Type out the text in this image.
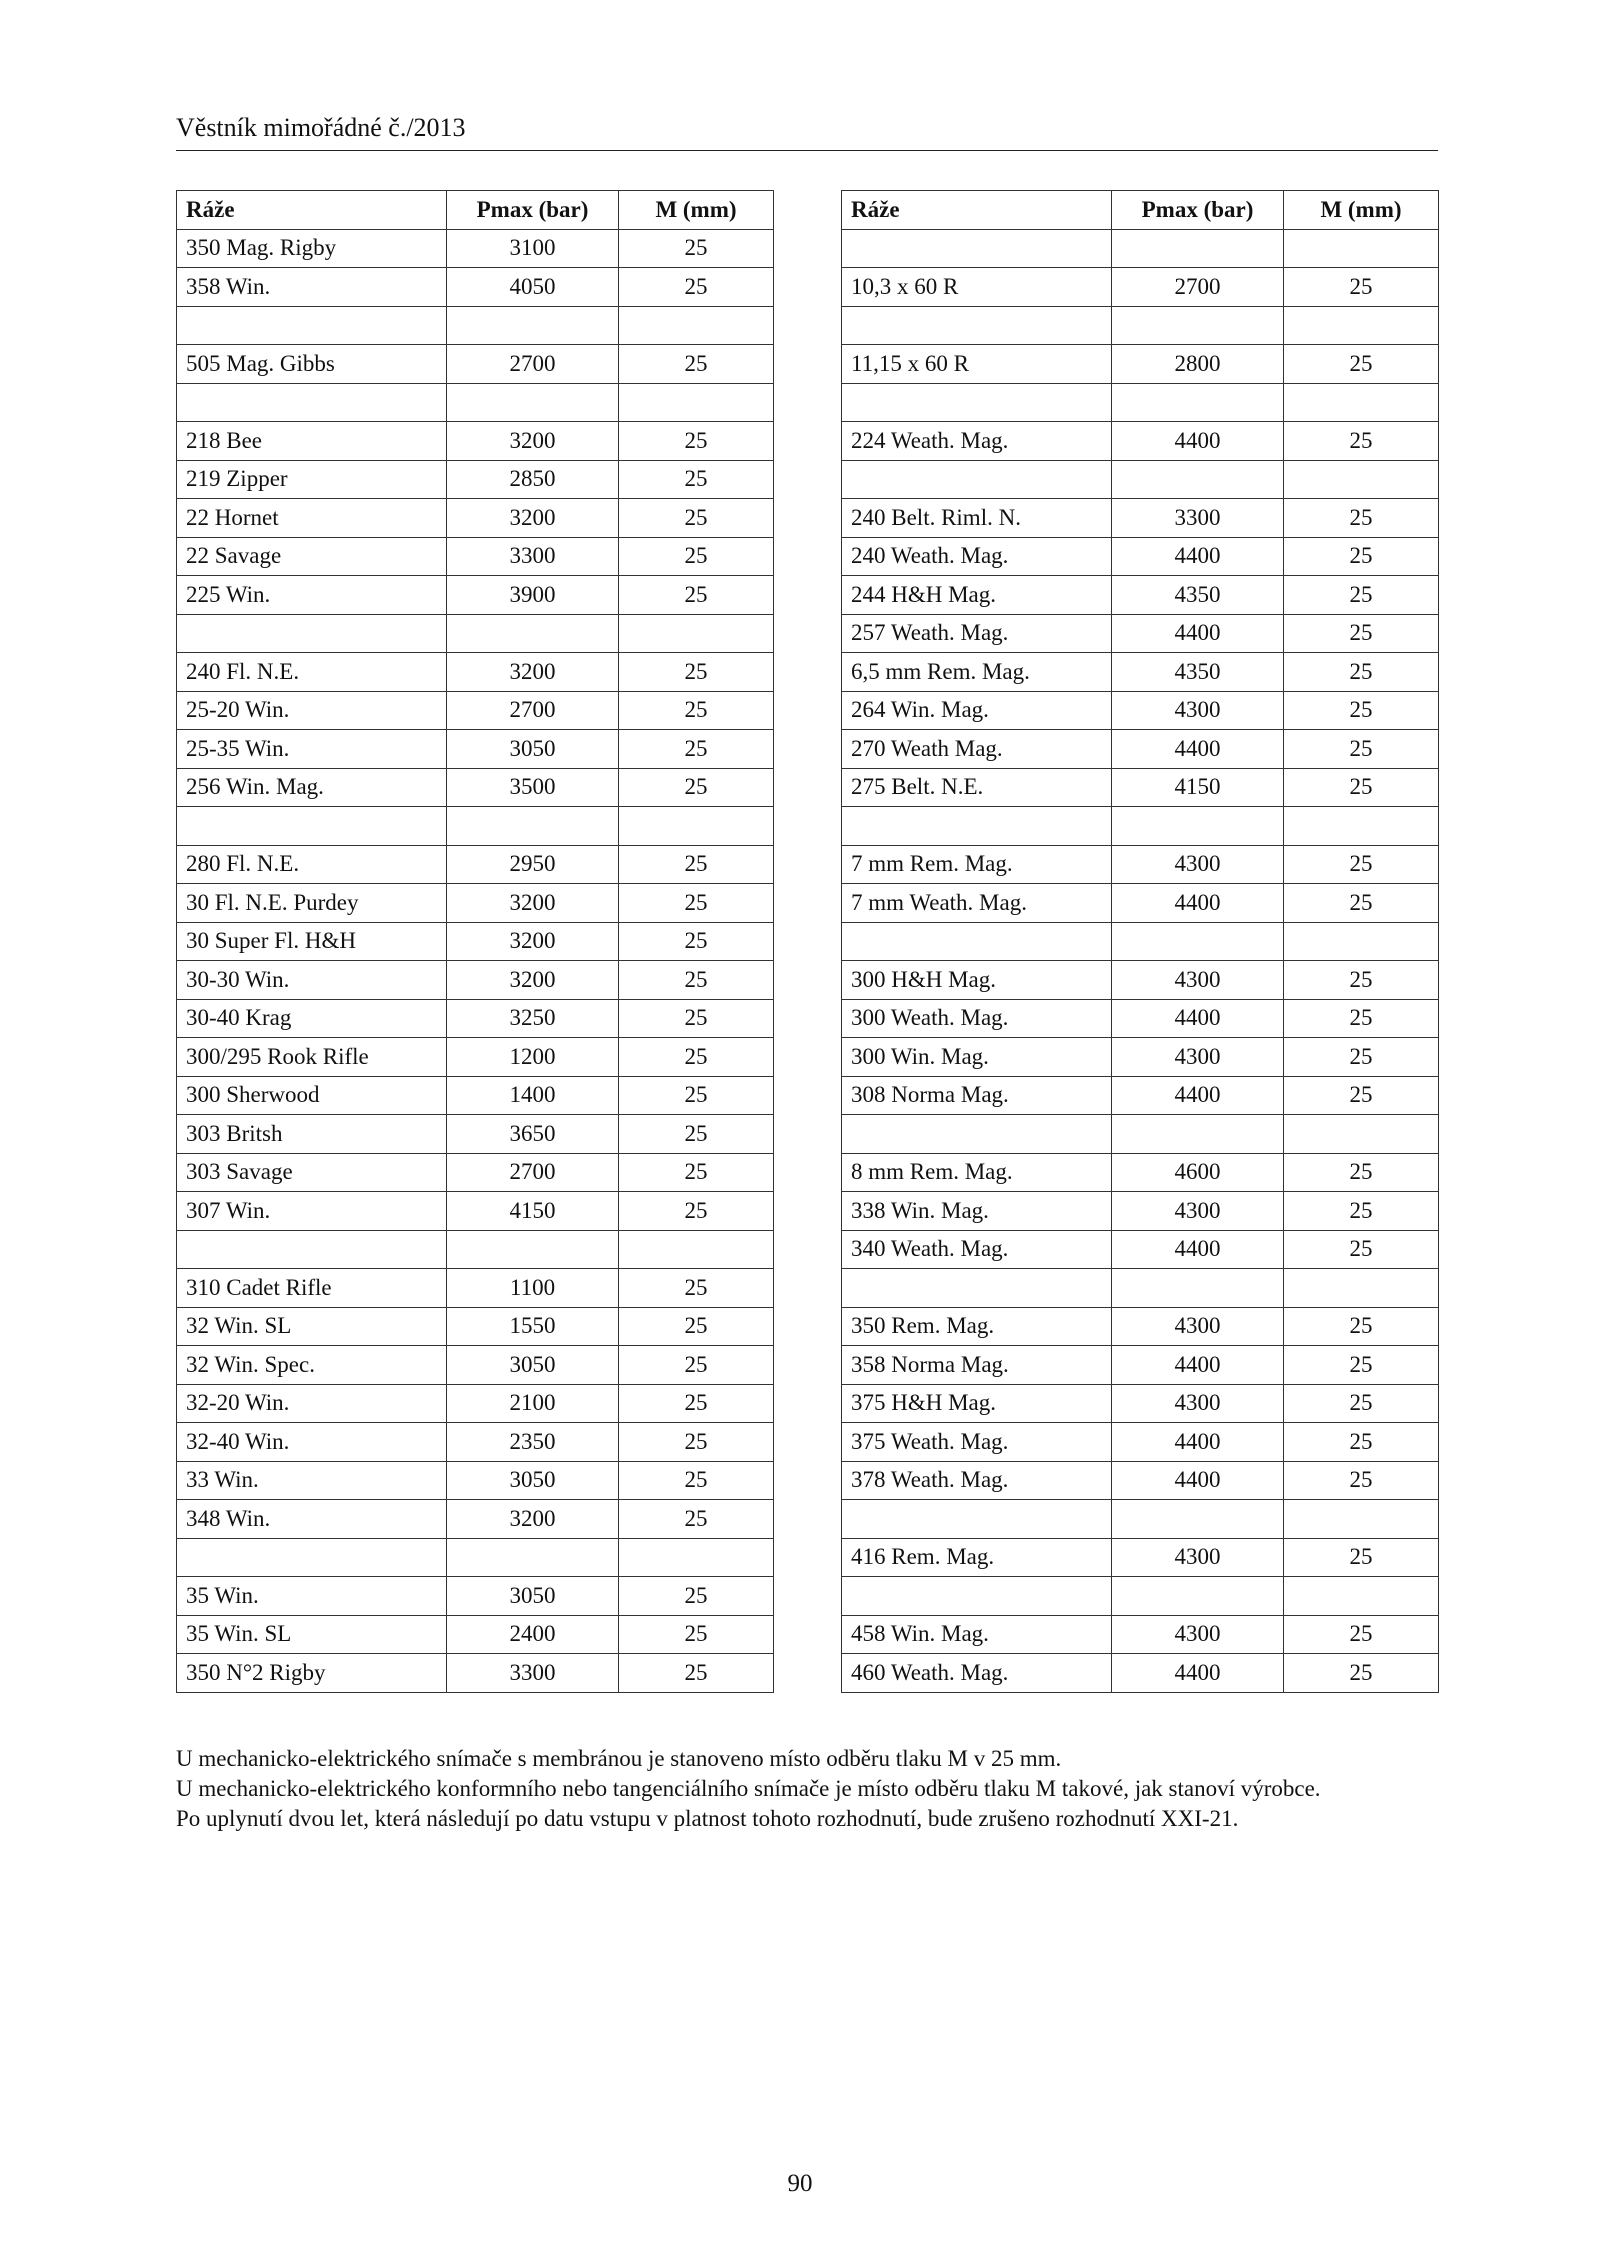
Věstník mimořádné č./2013
Ráže	Pmax (bar)	M (mm)
350 Mag. Rigby	3100	25
358 Win.	4050	25

505 Mag. Gibbs	2700	25

218 Bee	3200	25
219 Zipper	2850	25
22 Hornet	3200	25
22 Savage	3300	25
225 Win.	3900	25

240 Fl. N.E.	3200	25
25-20 Win.	2700	25
25-35 Win.	3050	25
256 Win. Mag.	3500	25

280 Fl. N.E.	2950	25
30 Fl. N.E. Purdey	3200	25
30 Super Fl. H&H	3200	25
30-30 Win.	3200	25
30-40 Krag	3250	25
300/295 Rook Rifle	1200	25
300 Sherwood	1400	25
303 Britsh	3650	25
303 Savage	2700	25
307 Win.	4150	25

310 Cadet Rifle	1100	25
32 Win. SL	1550	25
32 Win. Spec.	3050	25
32-20 Win.	2100	25
32-40 Win.	2350	25
33 Win.	3050	25
348 Win.	3200	25

35 Win.	3050	25
35 Win. SL	2400	25
350 N°2 Rigby	3300	25
Ráže	Pmax (bar)	M (mm)

10,3 x 60 R	2700	25

11,15 x 60 R	2800	25

224 Weath. Mag.	4400	25

240 Belt. Riml. N.	3300	25
240 Weath. Mag.	4400	25
244 H&H Mag.	4350	25
257 Weath. Mag.	4400	25
6,5 mm Rem. Mag.	4350	25
264 Win. Mag.	4300	25
270 Weath Mag.	4400	25
275 Belt. N.E.	4150	25

7 mm Rem. Mag.	4300	25
7 mm Weath. Mag.	4400	25

300 H&H Mag.	4300	25
300 Weath. Mag.	4400	25
300 Win. Mag.	4300	25
308 Norma Mag.	4400	25

8 mm Rem. Mag.	4600	25
338 Win. Mag.	4300	25
340 Weath. Mag.	4400	25

350 Rem. Mag.	4300	25
358 Norma Mag.	4400	25
375 H&H Mag.	4300	25
375 Weath. Mag.	4400	25
378 Weath. Mag.	4400	25

416 Rem. Mag.	4300	25

458 Win. Mag.	4300	25
460 Weath. Mag.	4400	25

U mechanicko-elektrického snímače s membránou je stanoveno místo odběru tlaku M v 25 mm.

U mechanicko-elektrického konformního nebo tangenciálního snímače je místo odběru tlaku M takové, jak stanoví výrobce.

Po uplynutí dvou let, která následují po datu vstupu v platnost tohoto rozhodnutí, bude zrušeno rozhodnutí XXI-21.

90
